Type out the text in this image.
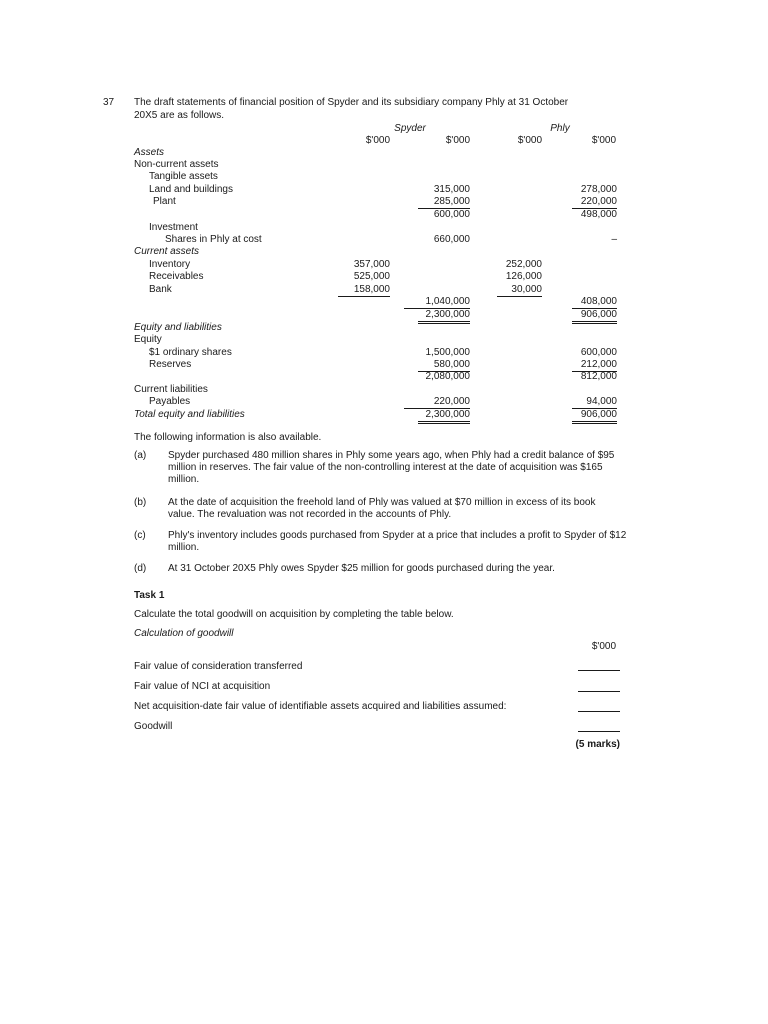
37 The draft statements of financial position of Spyder and its subsidiary company Phly at 31 October
20X5 are as follows.
Spyder	Phly
$'000	$'000	$'000	$'000
Assets
Non-current assets
Tangible assets
Land and buildings	315,000	278,000
Plant	285,000	220,000
600,000	498,000
Investment
Shares in Phly at cost	660,000	–
Current assets
Inventory	357,000	252,000
Receivables	525,000	126,000
Bank	158,000	30,000
1,040,000	408,000
2,300,000	906,000
Equity and liabilities
Equity
$1 ordinary shares	1,500,000	600,000
Reserves	580,000	212,000
2,080,000	812,000
Current liabilities
Payables	220,000	94,000
Total equity and liabilities	2,300,000	906,000
The following information is also available.
(a) Spyder purchased 480 million shares in Phly some years ago, when Phly had a credit balance of $95 million in reserves. The fair value of the non-controlling interest at the date of acquisition was $165 million.
(b) At the date of acquisition the freehold land of Phly was valued at $70 million in excess of its book value. The revaluation was not recorded in the accounts of Phly.
(c) Phly's inventory includes goods purchased from Spyder at a price that includes a profit to Spyder of $12 million.
(d) At 31 October 20X5 Phly owes Spyder $25 million for goods purchased during the year.
Task 1
Calculate the total goodwill on acquisition by completing the table below.
Calculation of goodwill
$'000
Fair value of consideration transferred
Fair value of NCI at acquisition
Net acquisition-date fair value of identifiable assets acquired and liabilities assumed:
Goodwill
(5 marks)
